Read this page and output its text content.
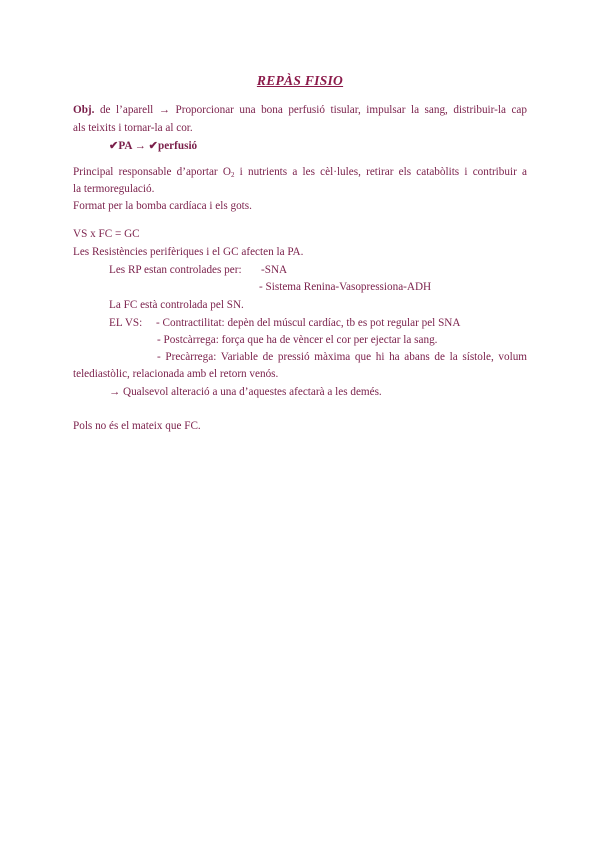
REPÀS FISIO
Obj. de l’aparell → Proporcionar una bona perfusió tisular, impulsar la sang, distribuir-la cap
als teixits i tornar-la al cor.
✔PA → ✔perfusió
Principal responsable d’aportar $O_2$ i nutrients a les cèl·lules, retirar els catabòlits i contribuir a
la termoregulació.
Format per la bomba cardíaca i els gots.
VS x FC = GC
Les Resistències perifèriques i el GC afecten la PA.
Les RP estan controlades per: -SNA
- Sistema Renina-Vasopressiona-ADH
La FC està controlada pel SN.
EL VS: - Contractilitat: depèn del múscul cardíac, tb es pot regular pel SNA
- Postcàrrega: força que ha de vèncer el cor per ejectar la sang.
- Precàrrega: Variable de pressió màxima que hi ha abans de la sístole, volum
telediastòlic, relacionada amb el retorn venós.
→ Qualsevol alteració a una d’aquestes afectarà a les demés.
Pols no és el mateix que FC.
